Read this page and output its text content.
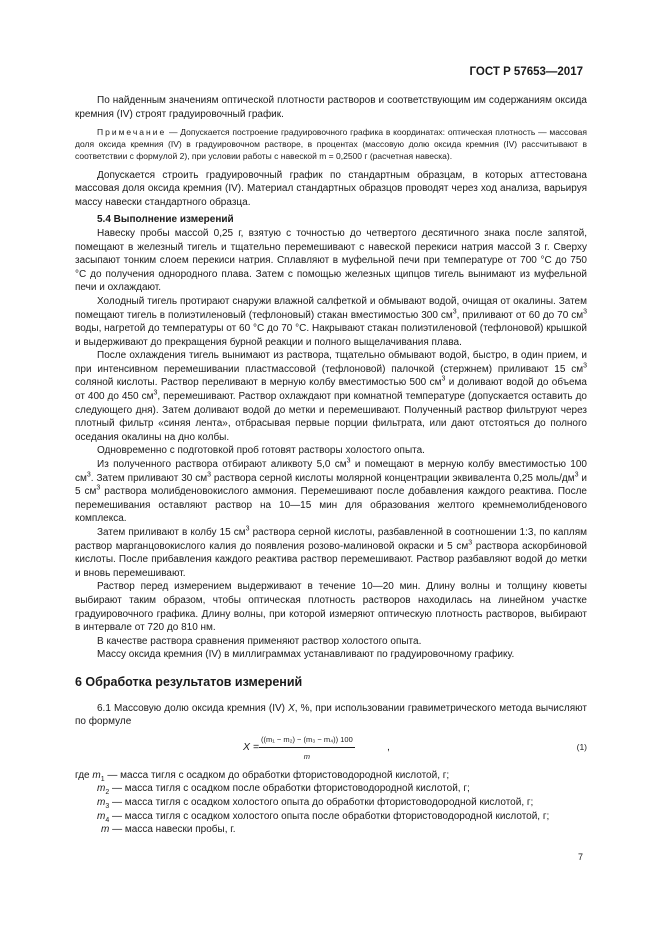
ГОСТ Р 57653—2017

По найденным значениям оптической плотности растворов и соответствующим им содержаниям оксида кремния (IV) строят градуировочный график.

Примечание — Допускается построение градуировочного графика в координатах: оптическая плотность — массовая доля оксида кремния (IV) в градуировочном растворе, в процентах (массовую долю оксида кремния (IV) рассчитывают в соответствии с формулой 2), при условии работы с навеской m = 0,2500 г (расчетная навеска).

Допускается строить градуировочный график по стандартным образцам, в которых аттестована массовая доля оксида кремния (IV). Материал стандартных образцов проводят через ход анализа, варьируя массу навески стандартного образца.

5.4 Выполнение измерений

Навеску пробы массой 0,25 г, взятую с точностью до четвертого десятичного знака после запятой, помещают в железный тигель и тщательно перемешивают с навеской перекиси натрия массой 3 г. Сверху засыпают тонким слоем перекиси натрия. Сплавляют в муфельной печи при температуре от 700 °С до 750 °С до получения однородного плава. Затем с помощью железных щипцов тигель вынимают из муфельной печи и охлаждают.

Холодный тигель протирают снаружи влажной салфеткой и обмывают водой, очищая от окалины. Затем помещают тигель в полиэтиленовый (тефлоновый) стакан вместимостью 300 $см^3$, приливают от 60 до 70 $см^3$ воды, нагретой до температуры от 60 °С до 70 °С. Накрывают стакан полиэтиленовой (тефлоновой) крышкой и выдерживают до прекращения бурной реакции и полного выщелачивания плава.

После охлаждения тигель вынимают из раствора, тщательно обмывают водой, быстро, в один прием, и при интенсивном перемешивании пластмассовой (тефлоновой) палочкой (стержнем) приливают 15 $см^3$ соляной кислоты. Раствор переливают в мерную колбу вместимостью 500 $см^3$ и доливают водой до объема от 400 до 450 $см^3$, перемешивают. Раствор охлаждают при комнатной температуре (допускается оставить до следующего дня). Затем доливают водой до метки и перемешивают. Полученный раствор фильтруют через плотный фильтр «синяя лента», отбрасывая первые порции фильтрата, или дают отстояться до полного оседания окалины на дно колбы.

Одновременно с подготовкой проб готовят растворы холостого опыта.

Из полученного раствора отбирают аликвоту 5,0 $см^3$ и помещают в мерную колбу вместимостью 100 $см^3$. Затем приливают 30 $см^3$ раствора серной кислоты молярной концентрации эквивалента 0,25 моль/$дм^3$ и 5 $см^3$ раствора молибденовокислого аммония. Перемешивают после добавления каждого реактива. После перемешивания оставляют раствор на 10—15 мин для образования желтого кремнемолибденового комплекса.

Затем приливают в колбу 15 $см^3$ раствора серной кислоты, разбавленной в соотношении 1:3, по каплям раствор марганцовокислого калия до появления розово-малиновой окраски и 5 $см^3$ раствора аскорбиновой кислоты. После прибавления каждого реактива раствор перемешивают. Раствор разбавляют водой до метки и вновь перемешивают.

Раствор перед измерением выдерживают в течение 10—20 мин. Длину волны и толщину кюветы выбирают таким образом, чтобы оптическая плотность растворов находилась на линейном участке градуировочного графика. Длину волны, при которой измеряют оптическую плотность растворов, выбирают в интервале от 720 до 810 нм.

В качестве раствора сравнения применяют раствор холостого опыта.

Массу оксида кремния (IV) в миллиграммах устанавливают по градуировочному графику.

6 Обработка результатов измерений

6.1 Массовую долю оксида кремния (IV) X, %, при использовании гравиметрического метода вычисляют по формуле

$X = \frac{\text{((m₁ − m₂) − (m₃ − m₄)) 100}}{m}$	,	(1)
где $m_1$ — масса тигля с осадком до обработки фтористоводородной кислотой, г;
$m_2$ — масса тигля с осадком после обработки фтористоводородной кислотой, г;
$m_3$ — масса тигля с осадком холостого опыта до обработки фтористоводородной кислотой, г;
$m_4$ — масса тигля с осадком холостого опыта после обработки фтористоводородной кислотой, г;
m — масса навески пробы, г.
7
